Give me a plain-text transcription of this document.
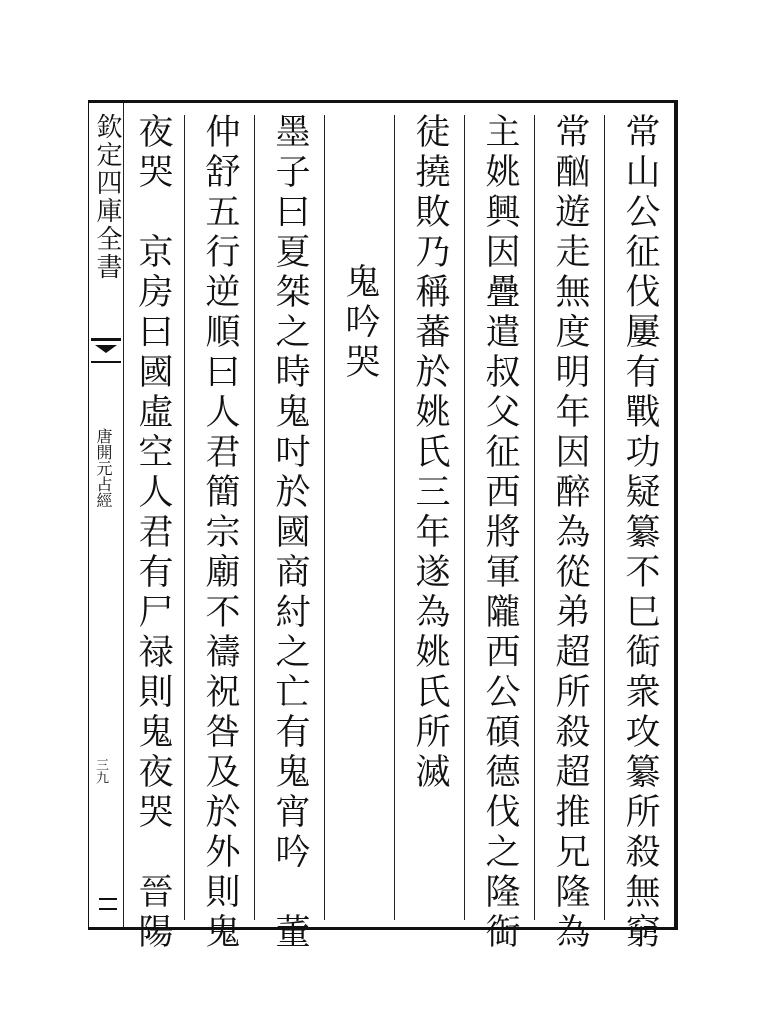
欽定四庫全書
唐開元占經
三九	常山公征伐屢有戰功疑纂不巳䘖衆攻纂所殺無窮
常酗遊走無度明年因醉為從弟超所殺超推兄隆為
主姚興因疊遣叔父征西將軍隴西公碩德伐之隆䘖
徒撓敗乃稱蕃於姚氏三年遂為姚氏所滅
鬼吟哭
墨子曰夏桀之時鬼吋於國商紂之亡有鬼宵吟　董
仲舒五行逆順曰人君簡宗廟不禱祝咎及於外則鬼
夜哭　京房曰國虛空人君有尸禄則鬼夜哭　晉陽
